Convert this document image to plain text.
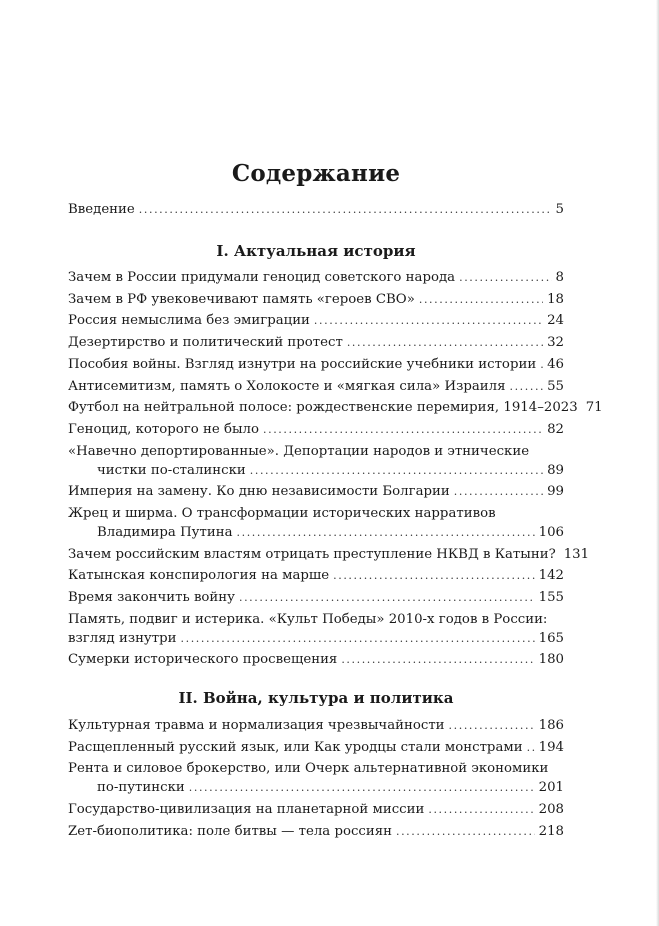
Содержание
Введение .....	5
I. Актуальная история
Зачем в России придумали геноцид советского народа .....	8
Зачем в РФ увековечивают память «героев СВО» .....	18
Россия немыслима без эмиграции .....	24
Дезертирство и политический протест .....	32
Пособия войны. Взгляд изнутри на российские учебники истории ..... 46
Антисемитизм, память о Холокосте и «мягкая сила» Израиля .....	55
Футбол на нейтральной полосе: рождественские перемирия, 1914–2023 71
Геноцид, которого не было .....	82
«Навечно депортированные». Депортации народов и этнические
чистки по-сталински .....	89
Империя на замену. Ко дню независимости Болгарии .....	99
Жрец и ширма. О трансформации исторических нарративов
Владимира Путина .....	106
Зачем российским властям отрицать преступление НКВД в Катыни? 131
Катынская конспирология на марше .....	142
Время закончить войну .....	155
Память, подвиг и истерика. «Культ Победы» 2010-х годов в России:
взгляд изнутри .....	165
Сумерки исторического просвещения .....	180
II. Война, культура и политика
Культурная травма и нормализация чрезвычайности .....	186
Расщепленный русский язык, или Как уродцы стали монстрами ..... 194
Рента и силовое брокерство, или Очерк альтернативной экономики
по-путински .....	201
Государство-цивилизация на планетарной миссии .....	208
Zет-биополитика: поле битвы — тела россиян .....	218
